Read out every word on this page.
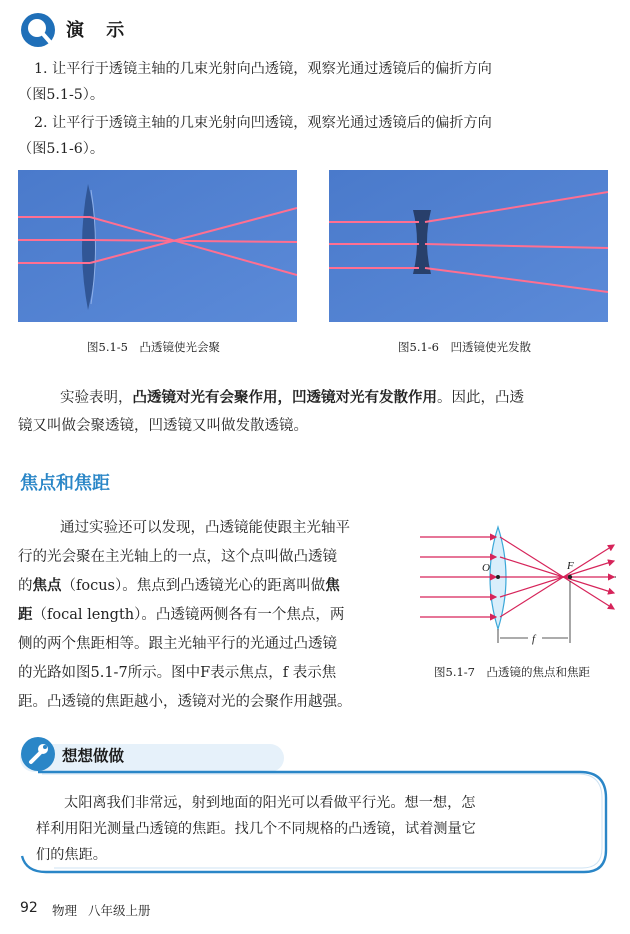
演 示
1. 让平行于透镜主轴的几束光射向凸透镜，观察光通过透镜后的偏折方向
（图5.1-5）。
2. 让平行于透镜主轴的几束光射向凹透镜，观察光通过透镜后的偏折方向
（图5.1-6）。
图5.1-5　凸透镜使光会聚	图5.1-6　凹透镜使光发散
实验表明，凸透镜对光有会聚作用，凹透镜对光有发散作用。因此，凸透
镜又叫做会聚透镜，凹透镜又叫做发散透镜。
焦点和焦距
通过实验还可以发现，凸透镜能使跟主光轴平
行的光会聚在主光轴上的一点，这个点叫做凸透镜
的焦点（focus）。焦点到凸透镜光心的距离叫做焦
距（focal length）。凸透镜两侧各有一个焦点，两
侧的两个焦距相等。跟主光轴平行的光通过凸透镜
的光路如图5.1-7所示。图中F表示焦点，f 表示焦
距。凸透镜的焦距越小，透镜对光的会聚作用越强。
O	F
f
图5.1-7　凸透镜的焦点和焦距
想想做做
太阳离我们非常远，射到地面的阳光可以看做平行光。想一想，怎
样利用阳光测量凸透镜的焦距。找几个不同规格的凸透镜，试着测量它
们的焦距。
92 物理 八年级上册
